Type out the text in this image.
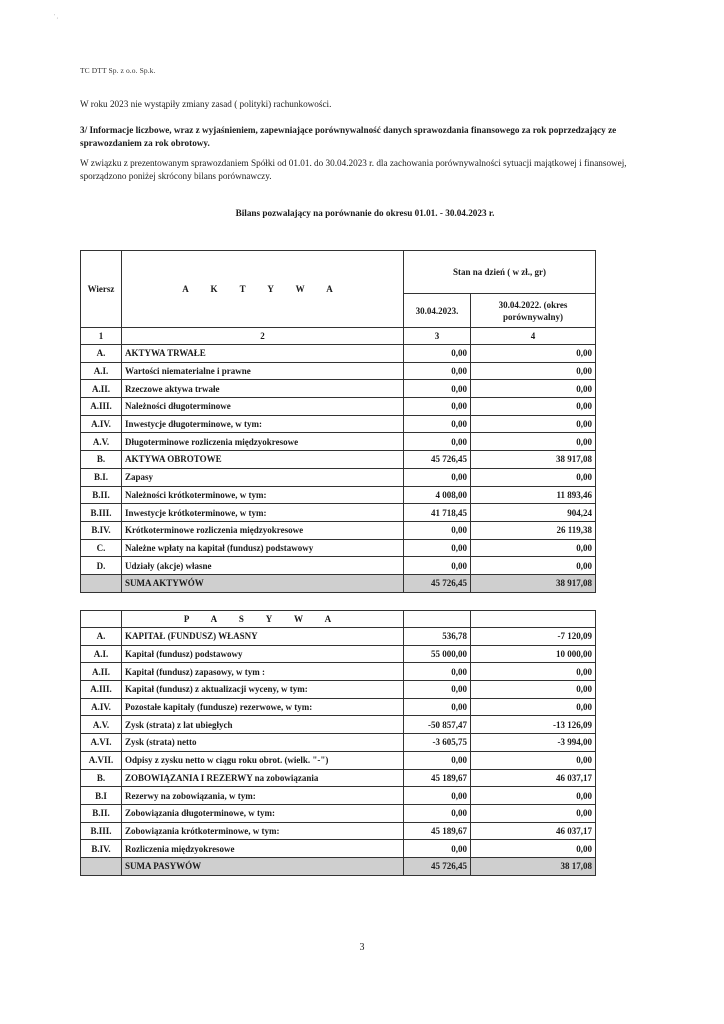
' ,
TC DTT Sp. z o.o. Sp.k.
W roku 2023 nie wystąpiły zmiany zasad ( polityki) rachunkowości.
3/ Informacje liczbowe, wraz z wyjaśnieniem, zapewniające porównywalność danych sprawozdania finansowego za rok poprzedzający ze sprawozdaniem za rok obrotowy.
W związku z prezentowanym sprawozdaniem Spółki od 01.01. do 30.04.2023 r. dla zachowania porównywalności sytuacji majątkowej i finansowej, sporządzono poniżej skrócony bilans porównawczy.
Bilans pozwalający na porównanie do okresu 01.01. - 30.04.2023 r.
Wiersz	A K T Y W A	Stan na dzień ( w zł., gr)	
		30.04.2023.	30.04.2022. (okres porównywalny)
1	2	3	4
A.	AKTYWA TRWAŁE	0,00	0,00
A.I.	Wartości niematerialne i prawne	0,00	0,00
A.II.	Rzeczowe aktywa trwałe	0,00	0,00
A.III.	Należności długoterminowe	0,00	0,00
A.IV.	Inwestycje długoterminowe, w tym:	0,00	0,00
A.V.	Długoterminowe rozliczenia międzyokresowe	0,00	0,00
B.	AKTYWA OBROTOWE	45 726,45	38 917,08
B.I.	Zapasy	0,00	0,00
B.II.	Należności krótkoterminowe, w tym:	4 008,00	11 893,46
B.III.	Inwestycje krótkoterminowe, w tym:	41 718,45	904,24
B.IV.	Krótkoterminowe rozliczenia międzyokresowe	0,00	26 119,38
C.	Należne wpłaty na kapitał (fundusz) podstawowy	0,00	0,00
D.	Udziały (akcje) własne	0,00	0,00
	SUMA AKTYWÓW	45 726,45	38 917,08
	P A S Y W A		
A.	KAPITAŁ (FUNDUSZ) WŁASNY	536,78	-7 120,09
A.I.	Kapitał (fundusz) podstawowy	55 000,00	10 000,00
A.II.	Kapitał (fundusz) zapasowy, w tym :	0,00	0,00
A.III.	Kapitał (fundusz) z aktualizacji wyceny, w tym:	0,00	0,00
A.IV.	Pozostałe kapitały (fundusze) rezerwowe, w tym:	0,00	0,00
A.V.	Zysk (strata) z lat ubiegłych	-50 857,47	-13 126,09
A.VI.	Zysk (strata) netto	-3 605,75	-3 994,00
A.VII.	Odpisy z zysku netto w ciągu roku obrot. (wielk. "-")	0,00	0,00
B.	ZOBOWIĄZANIA I REZERWY na zobowiązania	45 189,67	46 037,17
B.I	Rezerwy na zobowiązania, w tym:	0,00	0,00
B.II.	Zobowiązania długoterminowe, w tym:	0,00	0,00
B.III.	Zobowiązania krótkoterminowe, w tym:	45 189,67	46 037,17
B.IV.	Rozliczenia międzyokresowe	0,00	0,00
	SUMA PASYWÓW	45 726,45	38 17,08
3
